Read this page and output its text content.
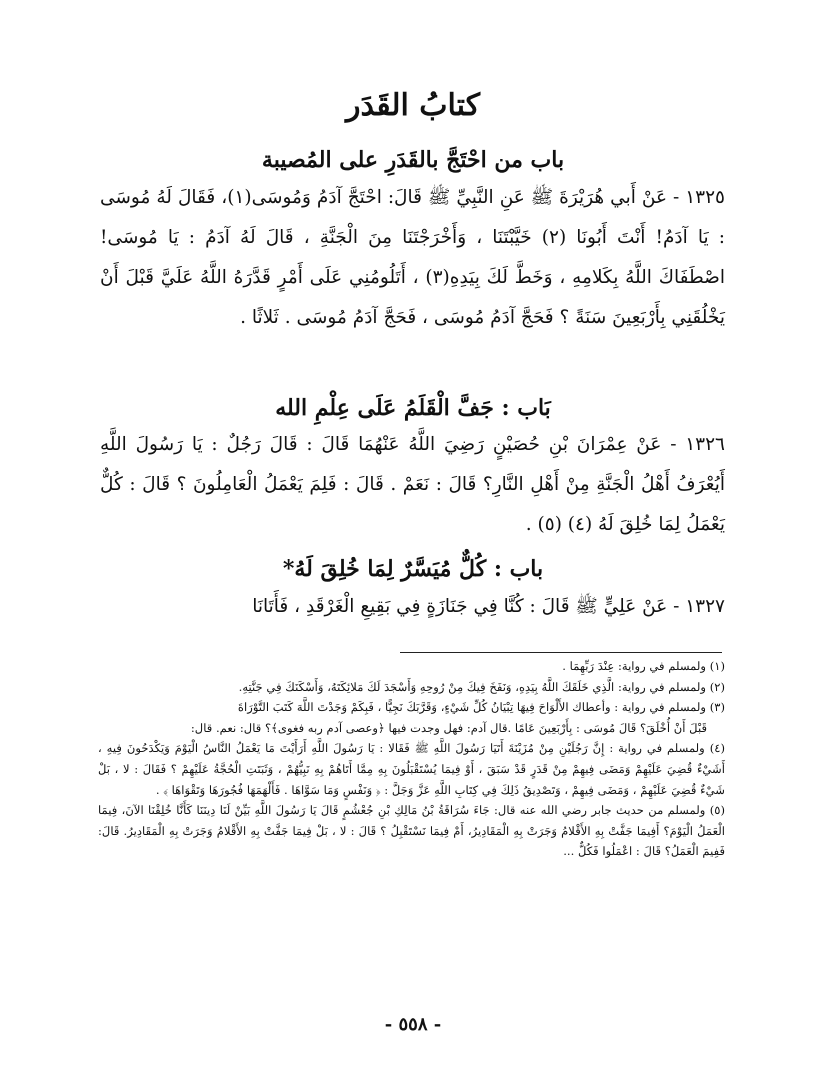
كتابُ القَدَر
باب من احْتَجَّ بالقَدَرِ على المُصيبة

١٣٢٥ - عَنْ أَبي هُرَيْرَةَ ﷺ عَنِ النَّبِيِّ ﷺ قَالَ: احْتَجَّ آدَمُ وَمُوسَى(١)، فَقَالَ لَهُ مُوسَى : يَا آدَمُ! أَنْتَ أَبُونَا (٢) خَيَّبْتَنَا ، وَأَخْرَجْتَنَا مِنَ الْجَنَّةِ ، قَالَ لَهُ آدَمُ : يَا مُوسَى! اصْطَفَاكَ اللَّهُ بِكَلامِهِ ، وَخَطَّ لَكَ بِيَدِهِ(٣) ، أَتَلُومُنِي عَلَى أَمْرٍ قَدَّرَهُ اللَّهُ عَلَيَّ قَبْلَ أَنْ يَخْلُقَنِي بِأَرْبَعِينَ سَنَةً ؟ فَحَجَّ آدَمُ مُوسَى ، فَحَجَّ آدَمُ مُوسَى . ثَلاثًا .

بَاب : جَفَّ الْقَلَمُ عَلَى عِلْمِ الله

١٣٢٦ - عَنْ عِمْرَانَ بْنِ حُصَيْنٍ رَضِيَ اللَّهُ عَنْهُمَا قَالَ : قَالَ رَجُلٌ : يَا رَسُولَ اللَّهِ أَيُعْرَفُ أَهْلُ الْجَنَّةِ مِنْ أَهْلِ النَّارِ؟ قَالَ : نَعَمْ . قَالَ : فَلِمَ يَعْمَلُ الْعَامِلُونَ ؟ قَالَ : كُلٌّ يَعْمَلُ لِمَا خُلِقَ لَهُ (٤) (٥) .

باب : كُلٌّ مُيَسَّرٌ لِمَا خُلِقَ لَهُ*

١٣٢٧ - عَنْ عَلِيٍّ ﷺ قَالَ : كُنَّا فِي جَنَازَةٍ فِي بَقِيعِ الْغَرْقَدِ ، فَأَتَانَا

(١) ولمسلم في رواية: عِنْدَ رَبِّهِمَا .

(٢) ولمسلم في رواية: الَّذِي خَلَقَكَ اللَّهُ بِيَدِهِ، وَنَفَخَ فِيكَ مِنْ رُوحِهِ وَأَسْجَدَ لَكَ مَلائِكَتَهُ، وَأَسْكَنَكَ فِي جَنَّتِهِ.

(٣) ولمسلم في رواية : وأعطاك الأَلْوَاحَ فِيهَا تِبْيَانُ كُلِّ شَيْءٍ، وَقَرَّبَكَ نَجِيًّا ، فَبِكَمْ وَجَدْتَ اللَّهَ كَتَبَ التَّوْرَاةَ

قَبْلَ أَنْ أُخْلَقَ؟ قَالَ مُوسَى : بِأَرْبَعِينَ عَامًا .قال آدم: فهل وجدت فيها ﴿وعصى آدم ربه فغوى﴾؟ قال: نعم. قال:

(٤) ولمسلم في رواية : إِنَّ رَجُلَيْنِ مِنْ مُزَيْنَةَ أَتَيَا رَسُولَ اللَّهِ ﷺ فَقَالا : يَا رَسُولَ اللَّهِ أَرَأَيْتَ مَا يَعْمَلُ النَّاسُ الْيَوْمَ وَيَكْدَحُونَ فِيهِ ، أَشَيْءٌ قُضِيَ عَلَيْهِمْ وَمَضَى فِيهِمْ مِنْ قَدَرٍ قَدْ سَبَقَ ، أَوْ فِيمَا يُسْتَقْبَلُونَ بِهِ مِمَّا أَتَاهُمْ بِهِ نَبِيُّهُمْ ، وَثَبَتَتِ الْحُجَّةُ عَلَيْهِمْ ؟ فَقَالَ : لا ، بَلْ شَيْءٌ قُضِيَ عَلَيْهِمْ ، وَمَضَى فِيهِمْ ، وَتَصْدِيقُ ذَلِكَ فِي كِتَابِ اللَّهِ عَزَّ وَجَلَّ : ﴿ وَنَفْسٍ وَمَا سَوَّاهَا . فَأَلْهَمَهَا فُجُورَهَا وَتَقْوَاهَا ﴾ .

(٥) ولمسلم من حديث جابر رضي الله عنه قال: جَاءَ سُرَاقَةُ بْنُ مَالِكِ بْنِ جُعْشُمٍ قَالَ يَا رَسُولَ اللَّهِ بَيِّنْ لَنَا دِينَنَا كَأَنَّا خُلِقْنَا الآنَ، فِيمَا الْعَمَلُ الْيَوْمَ؟ أَفِيمَا جَفَّتْ بِهِ الأَقْلامُ وَجَرَتْ بِهِ الْمَقَادِيرُ، أَمْ فِيمَا نَسْتَقْبِلُ ؟ قَالَ : لا ، بَلْ فِيمَا جَفَّتْ بِهِ الأَقْلامُ وَجَرَتْ بِهِ الْمَقَادِيرُ. قَالَ: فَفِيمَ الْعَمَلُ؟ قَالَ : اعْمَلُوا فَكُلٌّ ...

- ٥٥٨ -
